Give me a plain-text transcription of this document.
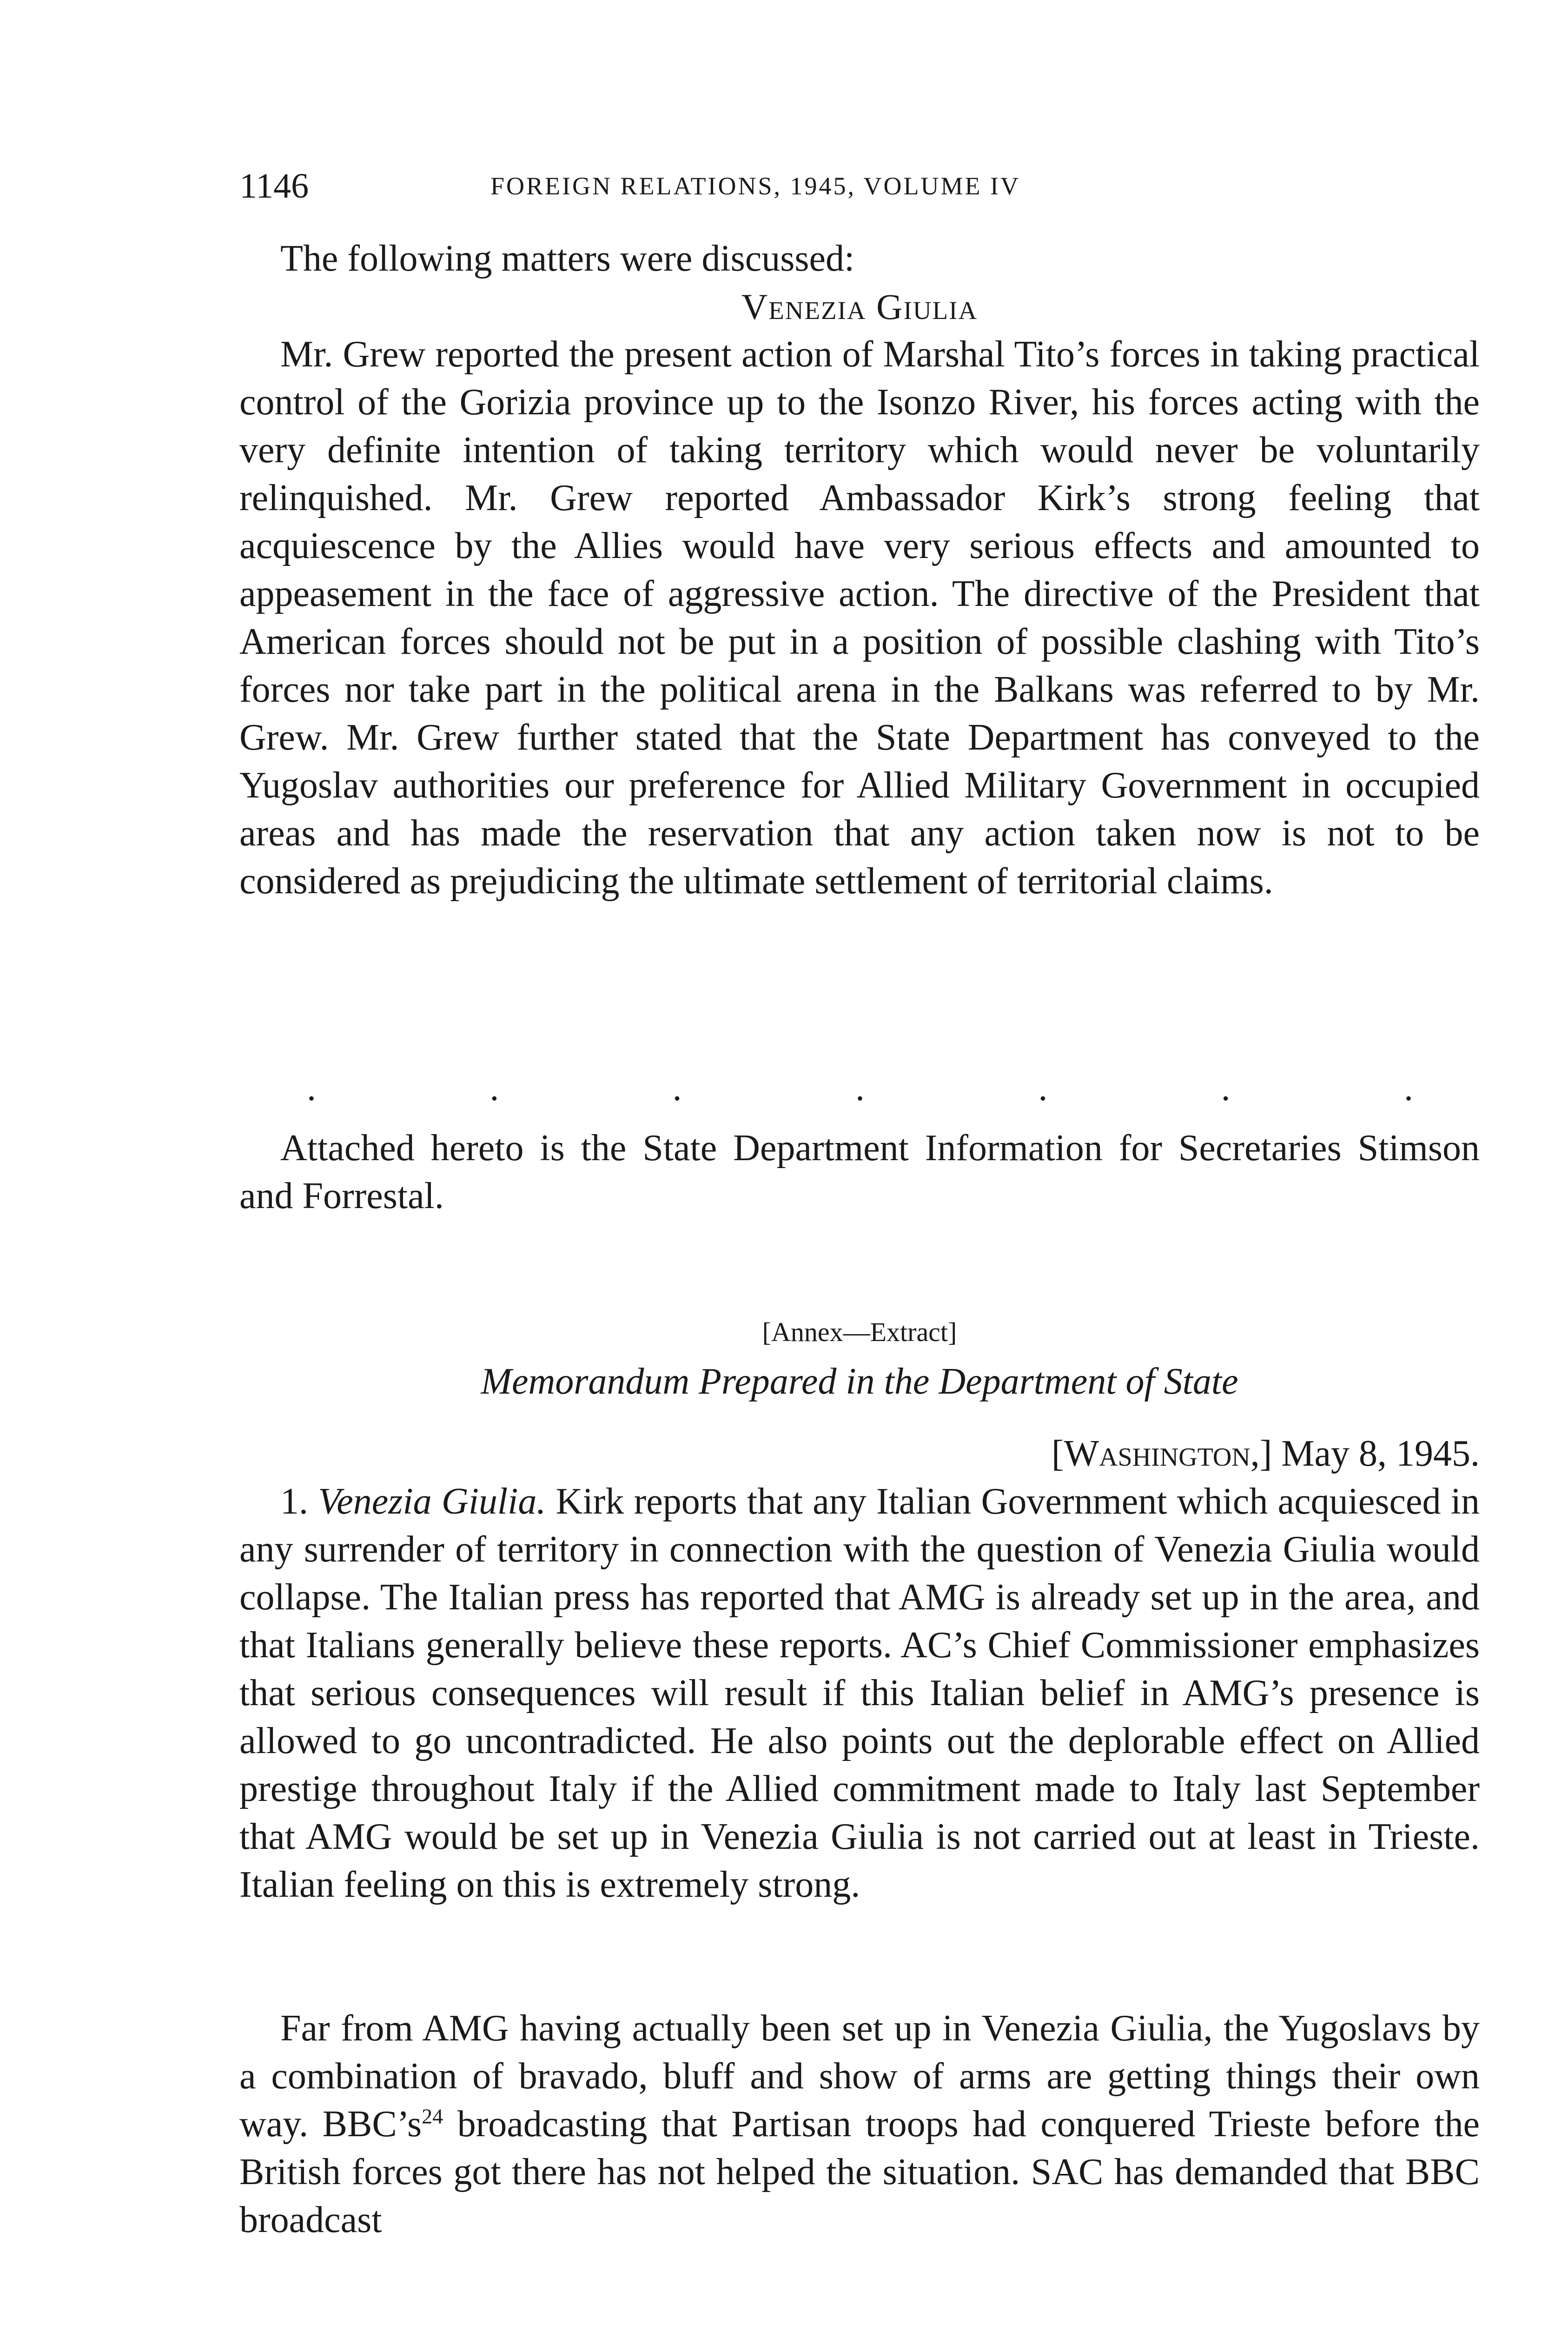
1146	FOREIGN RELATIONS, 1945, VOLUME IV

The following matters were discussed:

Venezia Giulia

Mr. Grew reported the present action of Marshal Tito’s forces in taking practical control of the Gorizia province up to the Isonzo River, his forces acting with the very definite intention of taking territory which would never be voluntarily relinquished. Mr. Grew reported Ambassador Kirk’s strong feeling that acquiescence by the Allies would have very serious effects and amounted to appeasement in the face of aggressive action. The directive of the President that American forces should not be put in a position of possible clashing with Tito’s forces nor take part in the political arena in the Balkans was referred to by Mr. Grew. Mr. Grew further stated that the State Department has conveyed to the Yugoslav authorities our preference for Allied Military Government in occupied areas and has made the reservation that any action taken now is not to be considered as prejudicing the ultimate settlement of territorial claims.

.	.	.	.	.	.	.

Attached hereto is the State Department Information for Secretaries Stimson and Forrestal.

[Annex—Extract]

Memorandum Prepared in the Department of State

[Washington,] May 8, 1945.

1. Venezia Giulia. Kirk reports that any Italian Government which acquiesced in any surrender of territory in connection with the question of Venezia Giulia would collapse. The Italian press has reported that AMG is already set up in the area, and that Italians generally believe these reports. AC’s Chief Commissioner emphasizes that serious consequences will result if this Italian belief in AMG’s presence is allowed to go uncontradicted. He also points out the deplorable effect on Allied prestige throughout Italy if the Allied commitment made to Italy last September that AMG would be set up in Venezia Giulia is not carried out at least in Trieste. Italian feeling on this is extremely strong.

Far from AMG having actually been set up in Venezia Giulia, the Yugoslavs by a combination of bravado, bluff and show of arms are getting things their own way. $BBC’s^{24}$ broadcasting that Partisan troops had conquered Trieste before the British forces got there has not helped the situation. SAC has demanded that BBC broadcast
